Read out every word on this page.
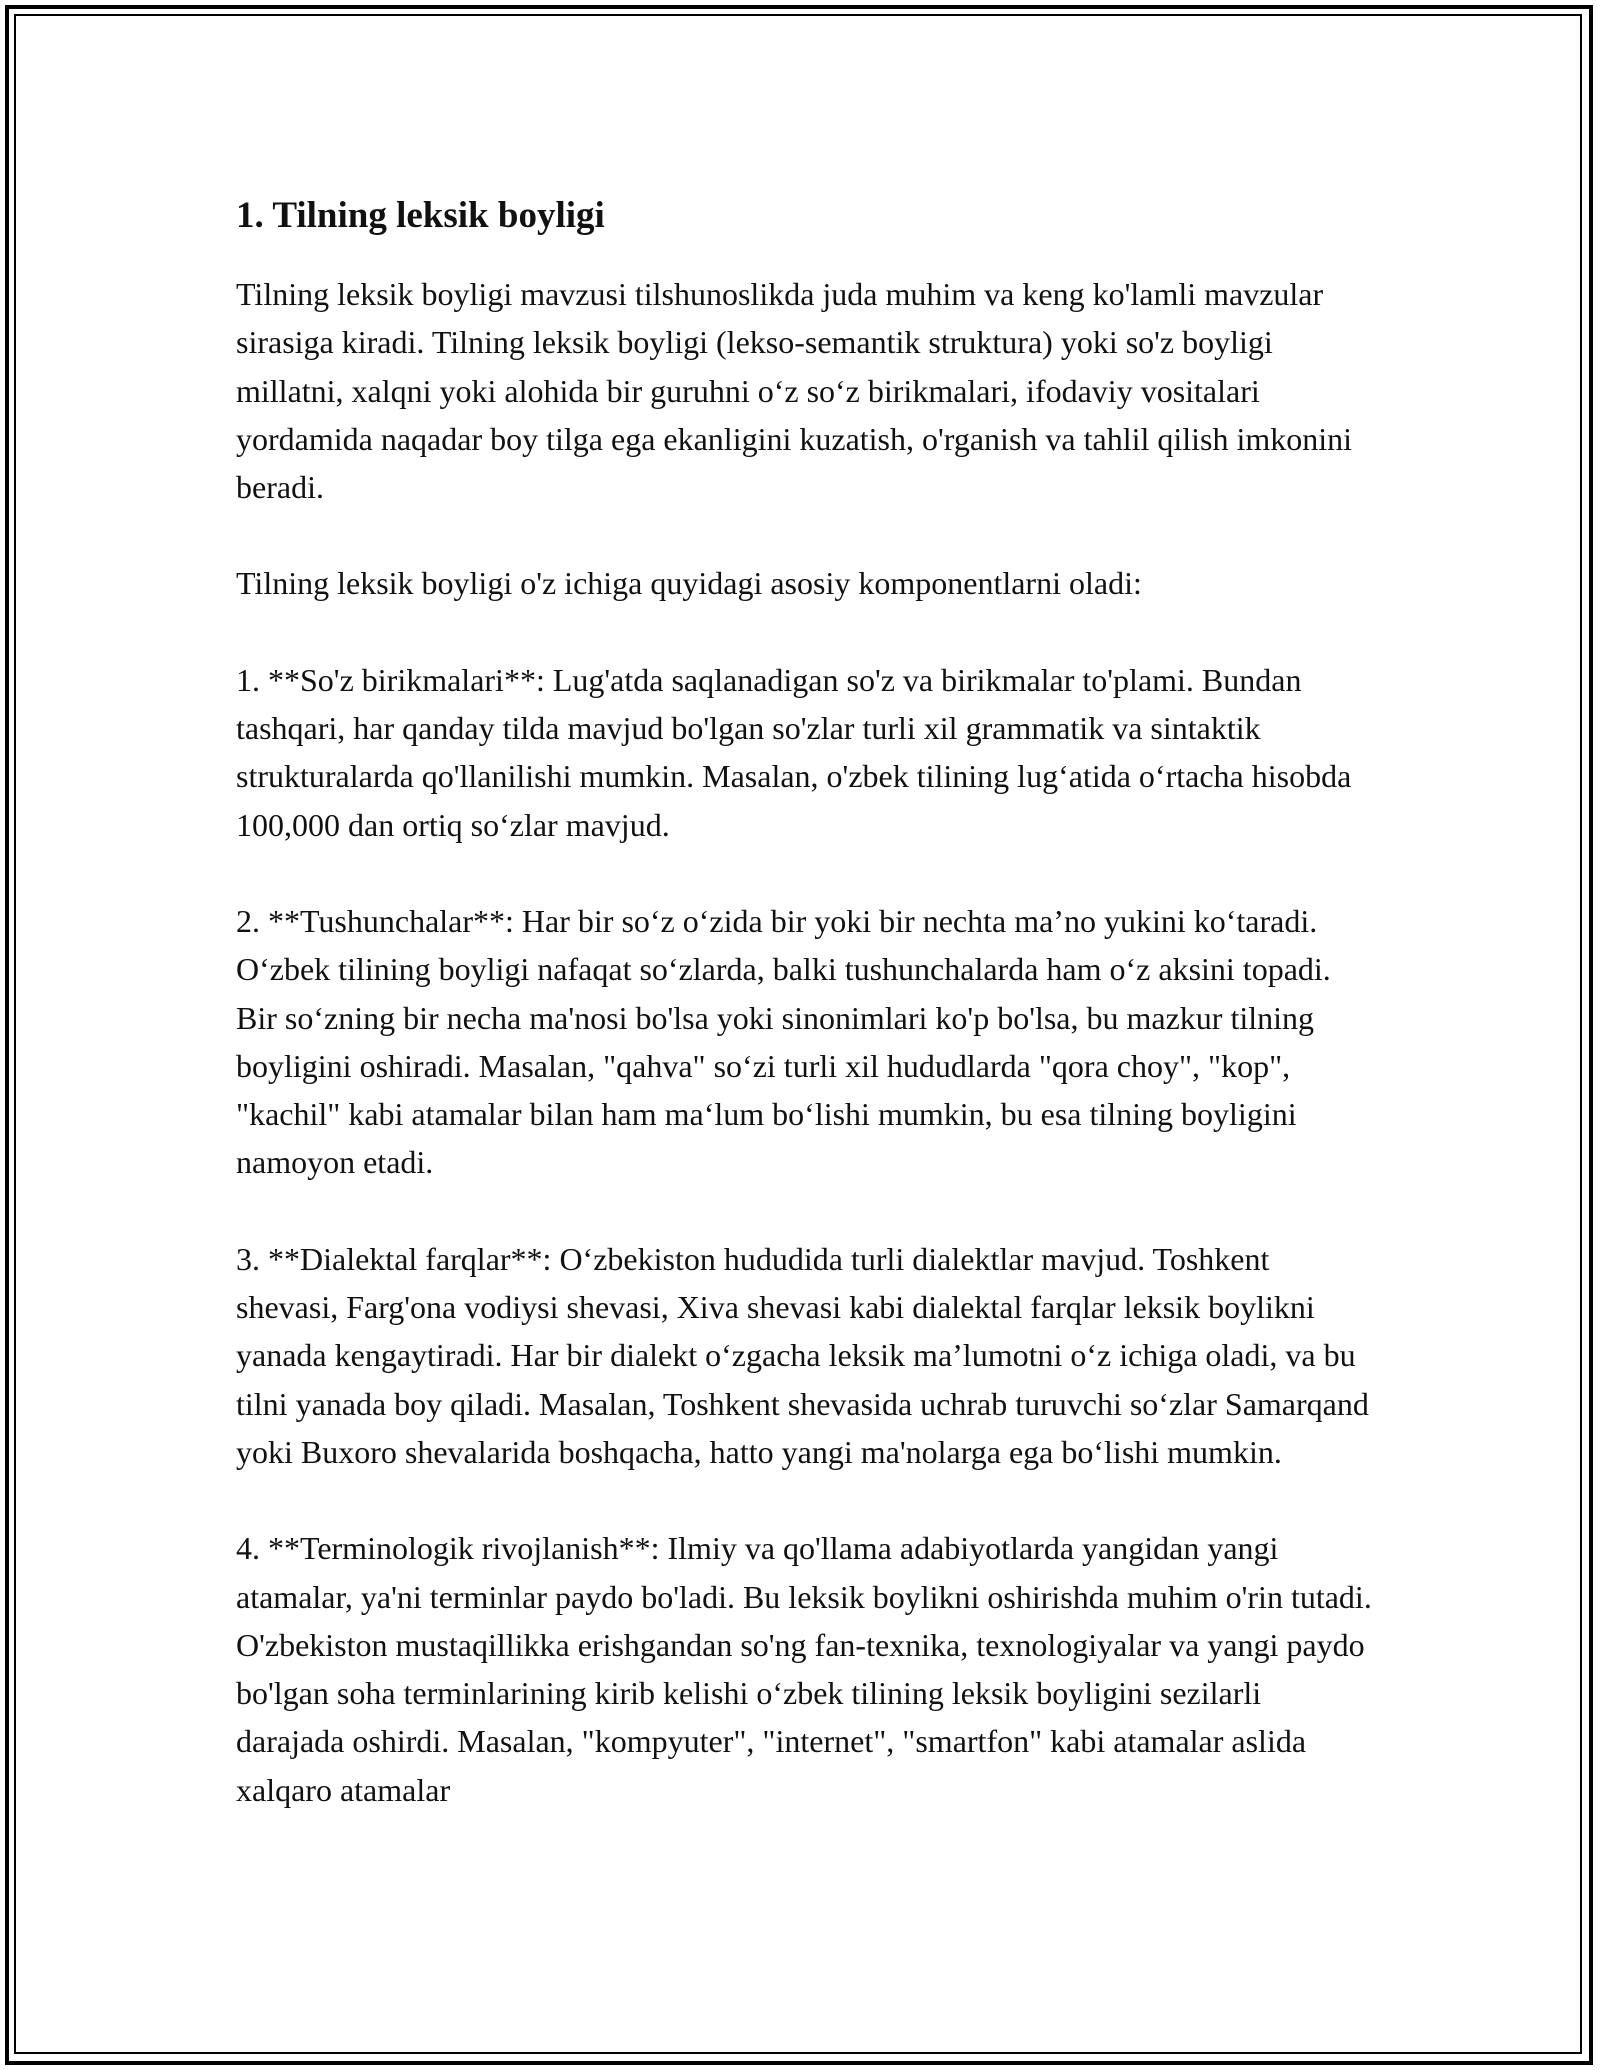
1. Tilning leksik boyligi

Tilning leksik boyligi mavzusi tilshunoslikda juda muhim va keng ko'lamli mavzular sirasiga kiradi. Tilning leksik boyligi (lekso-semantik struktura) yoki so'z boyligi millatni, xalqni yoki alohida bir guruhni o‘z so‘z birikmalari, ifodaviy vositalari yordamida naqadar boy tilga ega ekanligini kuzatish, o'rganish va tahlil qilish imkonini beradi.

Tilning leksik boyligi o'z ichiga quyidagi asosiy komponentlarni oladi:

1. **So'z birikmalari**: Lug'atda saqlanadigan so'z va birikmalar to'plami. Bundan tashqari, har qanday tilda mavjud bo'lgan so'zlar turli xil grammatik va sintaktik strukturalarda qo'llanilishi mumkin. Masalan, o'zbek tilining lug‘atida o‘rtacha hisobda 100,000 dan ortiq so‘zlar mavjud.

2. **Tushunchalar**: Har bir so‘z o‘zida bir yoki bir nechta ma’no yukini ko‘taradi. O‘zbek tilining boyligi nafaqat so‘zlarda, balki tushunchalarda ham o‘z aksini topadi. Bir so‘zning bir necha ma'nosi bo'lsa yoki sinonimlari ko'p bo'lsa, bu mazkur tilning boyligini oshiradi. Masalan, "qahva" so‘zi turli xil hududlarda "qora choy", "kop", "kachil" kabi atamalar bilan ham ma‘lum bo‘lishi mumkin, bu esa tilning boyligini namoyon etadi.

3. **Dialektal farqlar**: O‘zbekiston hududida turli dialektlar mavjud. Toshkent shevasi, Farg'ona vodiysi shevasi, Xiva shevasi kabi dialektal farqlar leksik boylikni yanada kengaytiradi. Har bir dialekt o‘zgacha leksik ma’lumotni o‘z ichiga oladi, va bu tilni yanada boy qiladi. Masalan, Toshkent shevasida uchrab turuvchi so‘zlar Samarqand yoki Buxoro shevalarida boshqacha, hatto yangi ma'nolarga ega bo‘lishi mumkin.

4. **Terminologik rivojlanish**: Ilmiy va qo'llama adabiyotlarda yangidan yangi atamalar, ya'ni terminlar paydo bo'ladi. Bu leksik boylikni oshirishda muhim o'rin tutadi. O'zbekiston mustaqillikka erishgandan so'ng fan-texnika, texnologiyalar va yangi paydo bo'lgan soha terminlarining kirib kelishi o‘zbek tilining leksik boyligini sezilarli darajada oshirdi. Masalan, "kompyuter", "internet", "smartfon" kabi atamalar aslida xalqaro atamalar
